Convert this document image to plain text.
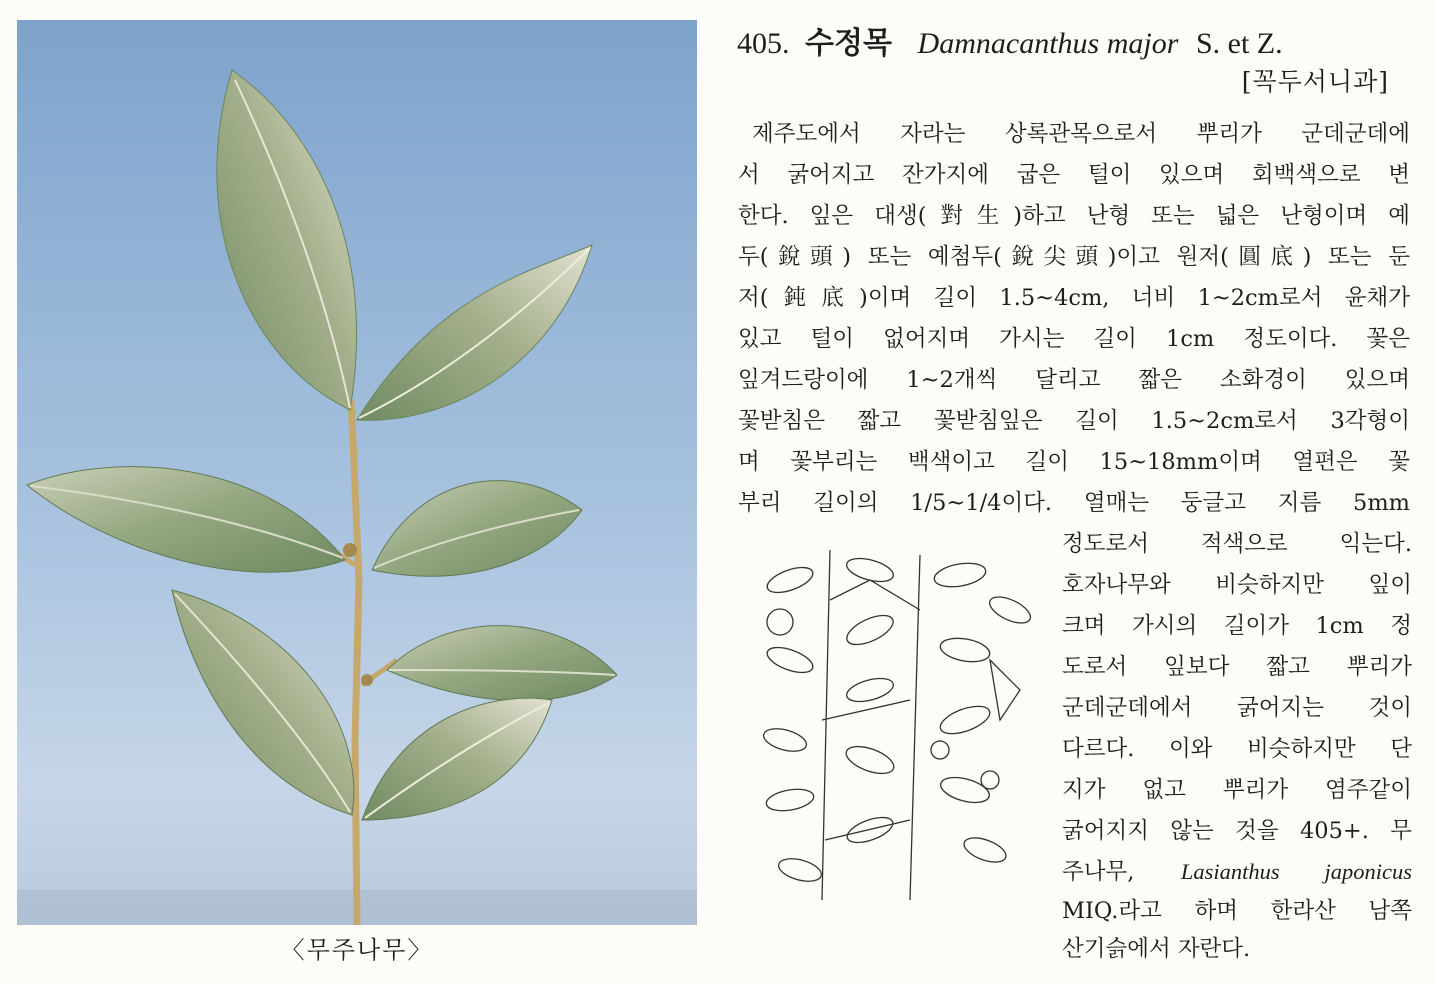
〈무주나무〉
405. 수정목 Damnacanthus major S. et Z.
[꼭두서니과]
제주도에서 자라는 상록관목으로서 뿌리가 군데군데에
서 굵어지고 잔가지에 굽은 털이 있으며 회백색으로 변
한다. 잎은 대생(對生)하고 난형 또는 넓은 난형이며 예
두(銳頭) 또는 예첨두(銳尖頭)이고 원저(圓底) 또는 둔
저(鈍底)이며 길이 1.5~4cm, 너비 1~2cm로서 윤채가
있고 털이 없어지며 가시는 길이 1cm 정도이다. 꽃은
잎겨드랑이에 1~2개씩 달리고 짧은 소화경이 있으며
꽃받침은 짧고 꽃받침잎은 길이 1.5~2cm로서 3각형이
며 꽃부리는 백색이고 길이 15~18mm이며 열편은 꽃
부리 길이의 1/5~1/4이다. 열매는 둥글고 지름 5mm
정도로서 적색으로 익는다.
호자나무와 비슷하지만 잎이
크며 가시의 길이가 1cm 정
도로서 잎보다 짧고 뿌리가
군데군데에서 굵어지는 것이
다르다. 이와 비슷하지만 단
지가 없고 뿌리가 염주같이
굵어지지 않는 것을 405+. 무
주나무, Lasianthus japonicus
MIQ.라고 하며 한라산 남쪽
산기슭에서 자란다.
